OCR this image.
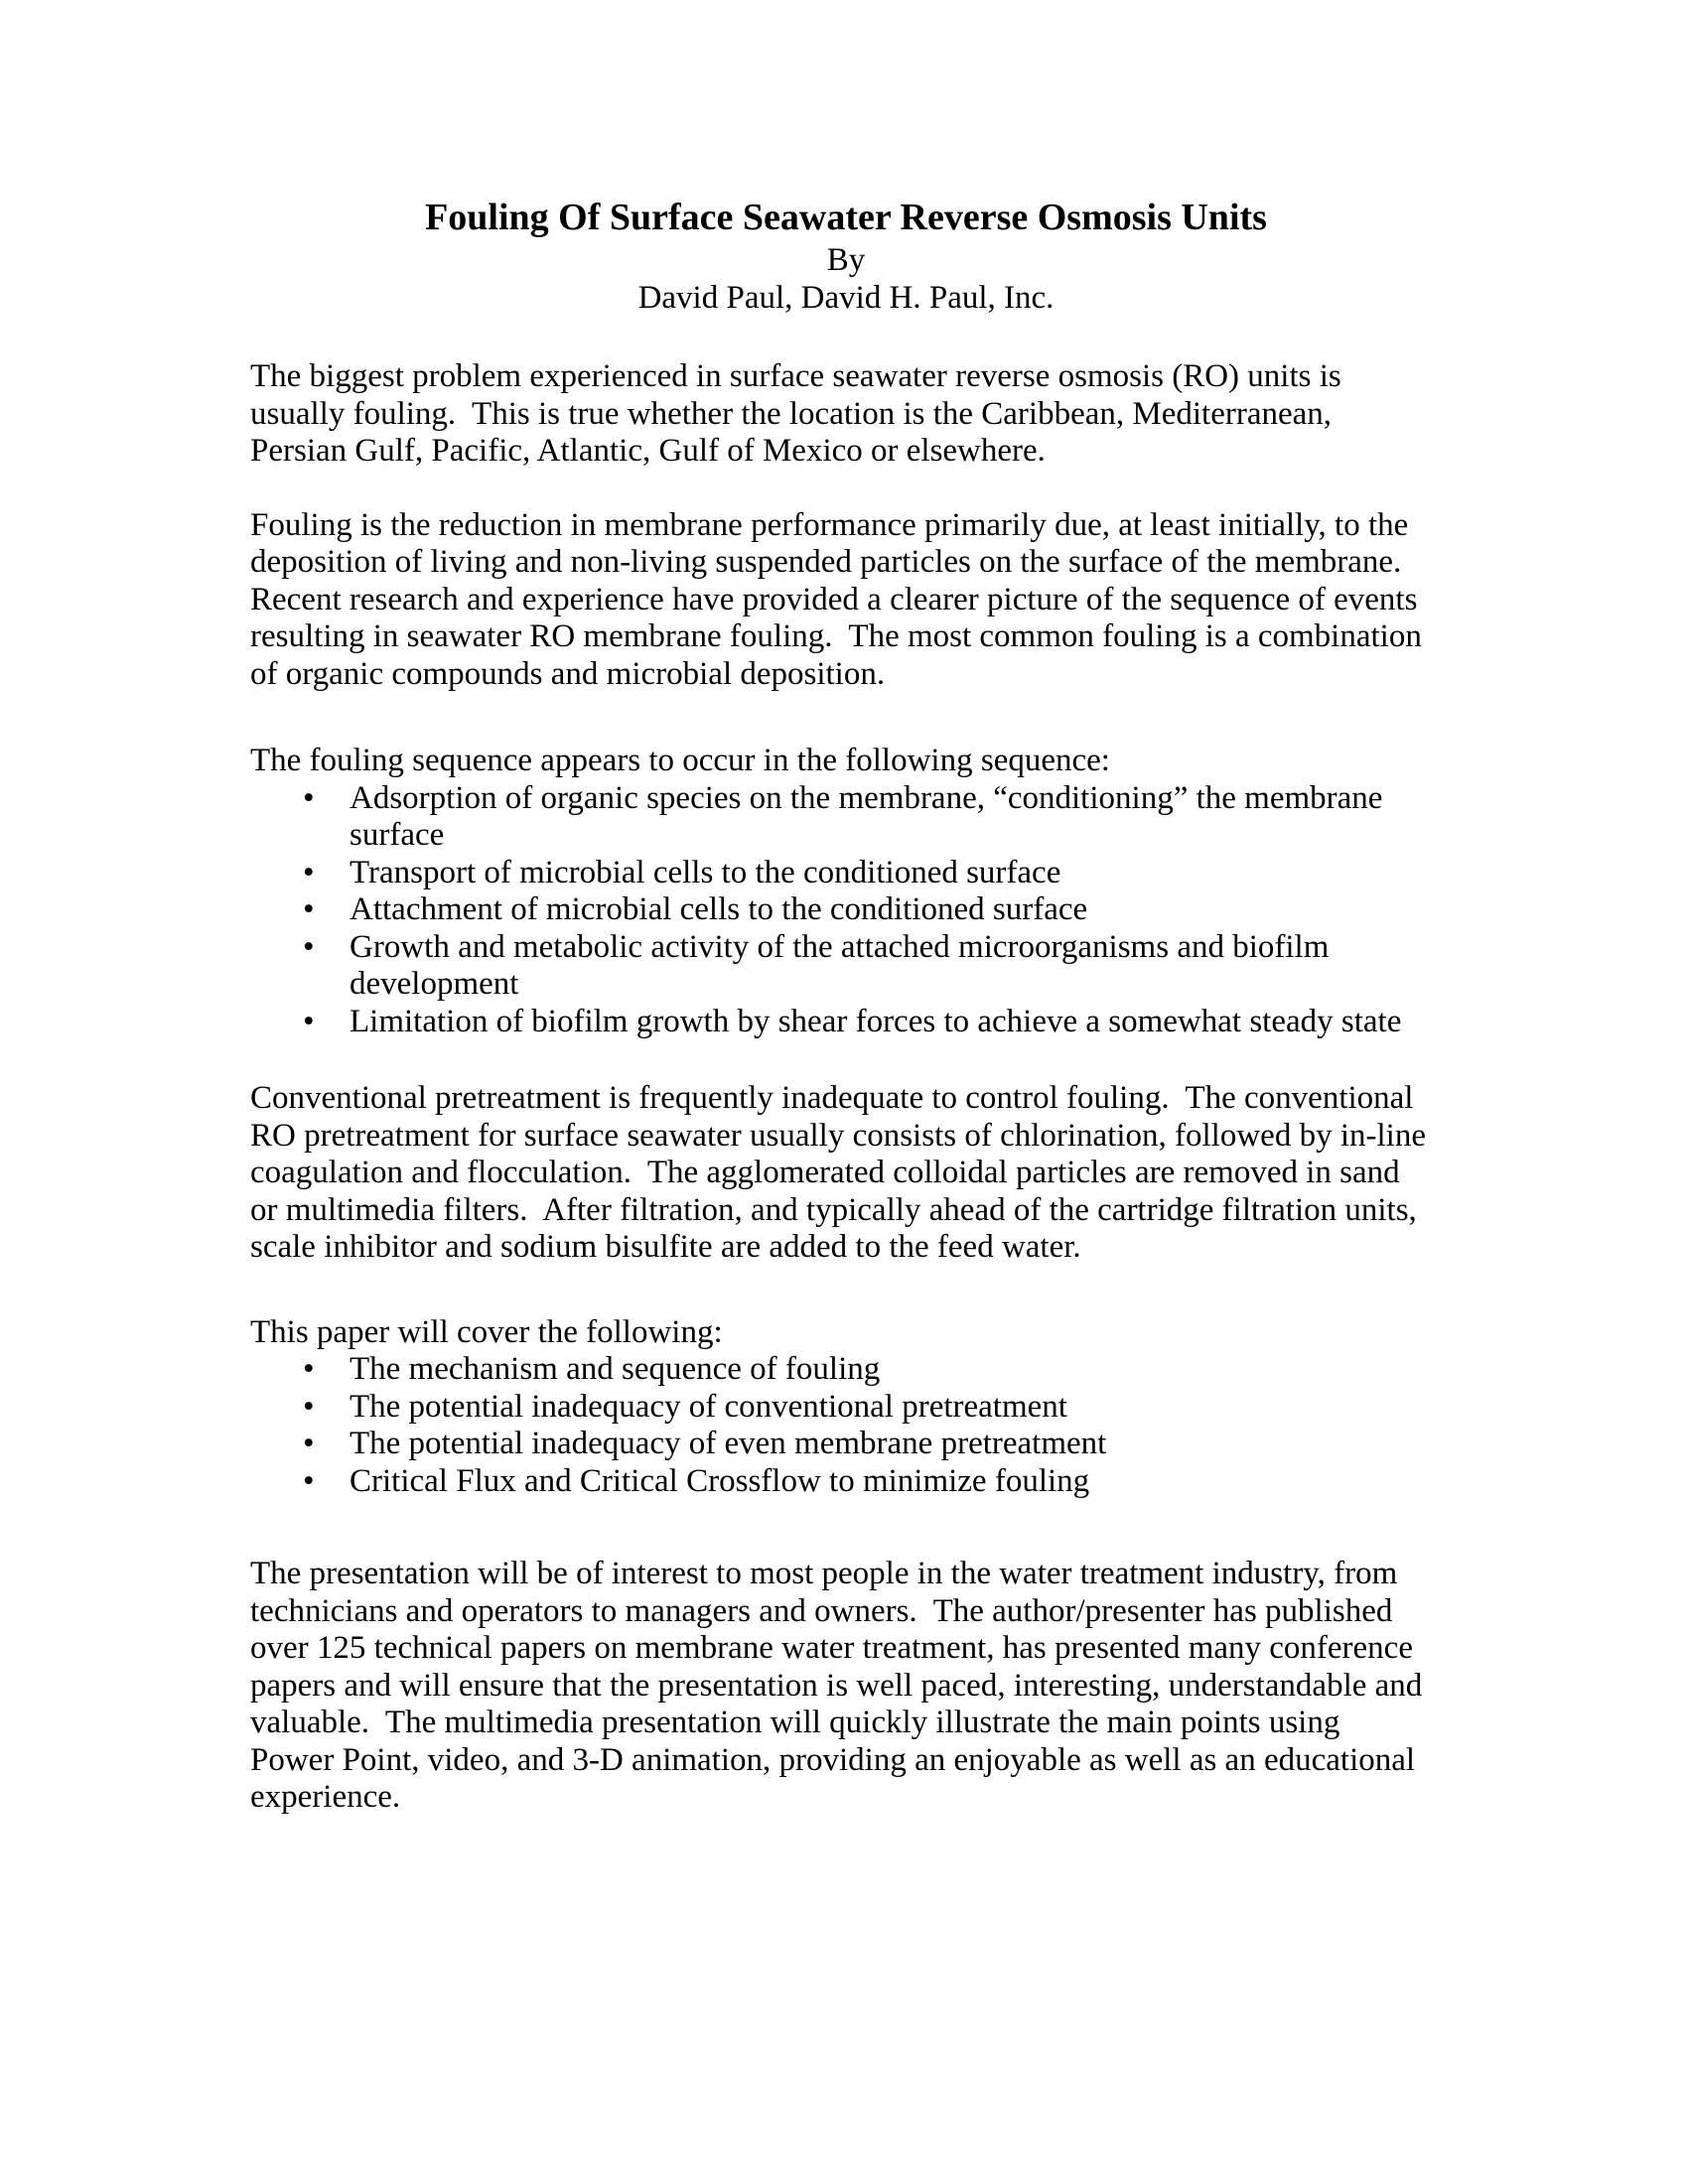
Fouling Of Surface Seawater Reverse Osmosis Units
By
David Paul, David H. Paul, Inc.
The biggest problem experienced in surface seawater reverse osmosis (RO) units is
usually fouling.  This is true whether the location is the Caribbean, Mediterranean,
Persian Gulf, Pacific, Atlantic, Gulf of Mexico or elsewhere.
Fouling is the reduction in membrane performance primarily due, at least initially, to the
deposition of living and non-living suspended particles on the surface of the membrane.
Recent research and experience have provided a clearer picture of the sequence of events
resulting in seawater RO membrane fouling.  The most common fouling is a combination
of organic compounds and microbial deposition.
The fouling sequence appears to occur in the following sequence:
• Adsorption of organic species on the membrane, “conditioning” the membrane
surface
• Transport of microbial cells to the conditioned surface
• Attachment of microbial cells to the conditioned surface
• Growth and metabolic activity of the attached microorganisms and biofilm
development
• Limitation of biofilm growth by shear forces to achieve a somewhat steady state
Conventional pretreatment is frequently inadequate to control fouling.  The conventional
RO pretreatment for surface seawater usually consists of chlorination, followed by in-line
coagulation and flocculation.  The agglomerated colloidal particles are removed in sand
or multimedia filters.  After filtration, and typically ahead of the cartridge filtration units,
scale inhibitor and sodium bisulfite are added to the feed water.
This paper will cover the following:
• The mechanism and sequence of fouling
• The potential inadequacy of conventional pretreatment
• The potential inadequacy of even membrane pretreatment
• Critical Flux and Critical Crossflow to minimize fouling
The presentation will be of interest to most people in the water treatment industry, from
technicians and operators to managers and owners.  The author/presenter has published
over 125 technical papers on membrane water treatment, has presented many conference
papers and will ensure that the presentation is well paced, interesting, understandable and
valuable.  The multimedia presentation will quickly illustrate the main points using
Power Point, video, and 3-D animation, providing an enjoyable as well as an educational
experience.
